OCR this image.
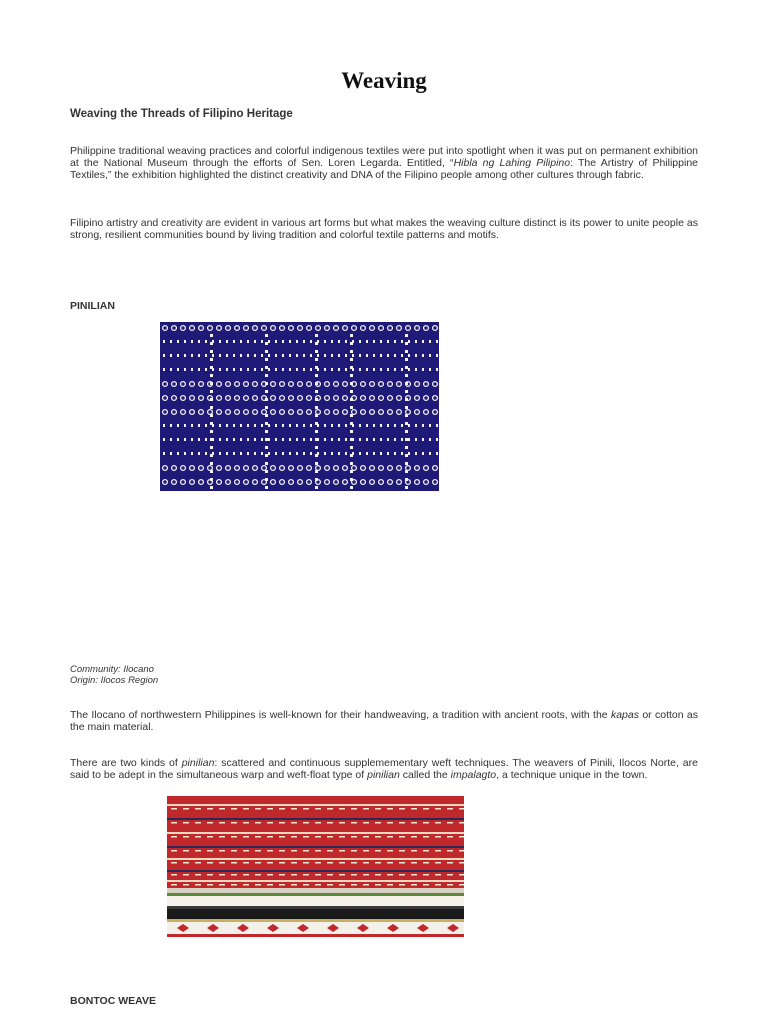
Weaving
Weaving the Threads of Filipino Heritage
Philippine traditional weaving practices and colorful indigenous textiles were put into spotlight when it was put on permanent exhibition at the National Museum through the efforts of Sen. Loren Legarda. Entitled, “Hibla ng Lahing Pilipino: The Artistry of Philippine Textiles,” the exhibition highlighted the distinct creativity and DNA of the Filipino people among other cultures through fabric.
Filipino artistry and creativity are evident in various art forms but what makes the weaving culture distinct is its power to unite people as strong, resilient communities bound by living tradition and colorful textile patterns and motifs.
PINILIAN
Community: Ilocano
Origin: Ilocos Region
The Ilocano of northwestern Philippines is well-known for their handweaving, a tradition with ancient roots, with the kapas or cotton as the main material.
There are two kinds of pinilian: scattered and continuous supplemementary weft techniques. The weavers of Pinili, Ilocos Norte, are said to be adept in the simultaneous warp and weft-float type of pinilian called the impalagto, a technique unique in the town.
BONTOC WEAVE
